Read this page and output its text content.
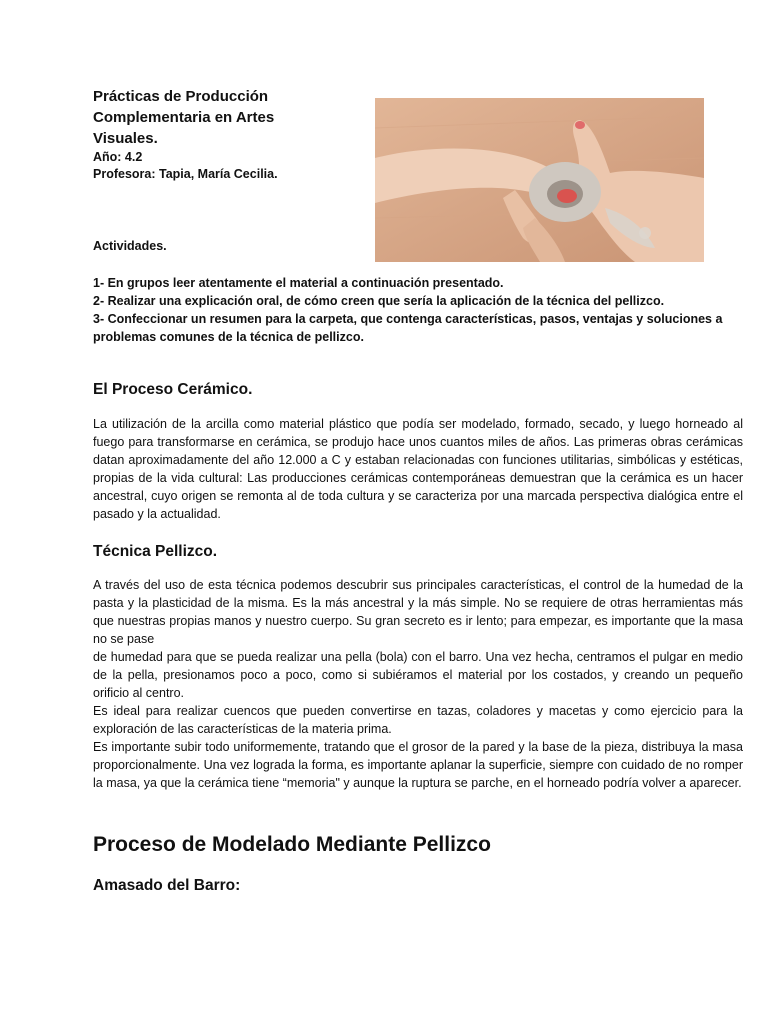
Prácticas de Producción

Complementaria en Artes

Visuales.

Año: 4.2

Profesora: Tapia, María Cecilia.

Actividades.

1- En grupos leer atentamente el material a continuación presentado.

2- Realizar una explicación oral, de cómo creen que sería la aplicación de la técnica del pellizco.

3- Confeccionar un resumen para la carpeta, que contenga características, pasos, ventajas y soluciones a problemas comunes de la técnica de pellizco.

El Proceso Cerámico.

La utilización de la arcilla como material plástico que podía ser modelado, formado, secado, y luego horneado al fuego para transformarse en cerámica, se produjo hace unos cuantos miles de años. Las primeras obras cerámicas datan aproximadamente del año 12.000 a C y estaban relacionadas con funciones utilitarias, simbólicas y estéticas, propias de la vida cultural: Las producciones cerámicas contemporáneas demuestran que la cerámica es un hacer ancestral, cuyo origen se remonta al de toda cultura y se caracteriza por una marcada perspectiva dialógica entre el pasado y la actualidad.

Técnica Pellizco.

A través del uso de esta técnica podemos descubrir sus principales características, el control de la humedad de la pasta y la plasticidad de la misma. Es la más ancestral y la más simple. No se requiere de otras herramientas más que nuestras propias manos y nuestro cuerpo. Su gran secreto es ir lento; para empezar, es importante que la masa no se pase

de humedad para que se pueda realizar una pella (bola) con el barro. Una vez hecha, centramos el pulgar en medio de la pella, presionamos poco a poco, como si subiéramos el material por los costados, y creando un pequeño orificio al centro.

Es ideal para realizar cuencos que pueden convertirse en tazas, coladores y macetas y como ejercicio para la exploración de las características de la materia prima.

Es importante subir todo uniformemente, tratando que el grosor de la pared y la base de la pieza, distribuya la masa proporcionalmente. Una vez lograda la forma, es importante aplanar la superficie, siempre con cuidado de no romper la masa, ya que la cerámica tiene “memoria" y aunque la ruptura se parche, en el horneado podría volver a aparecer.

Proceso de Modelado Mediante Pellizco

Amasado del Barro:
